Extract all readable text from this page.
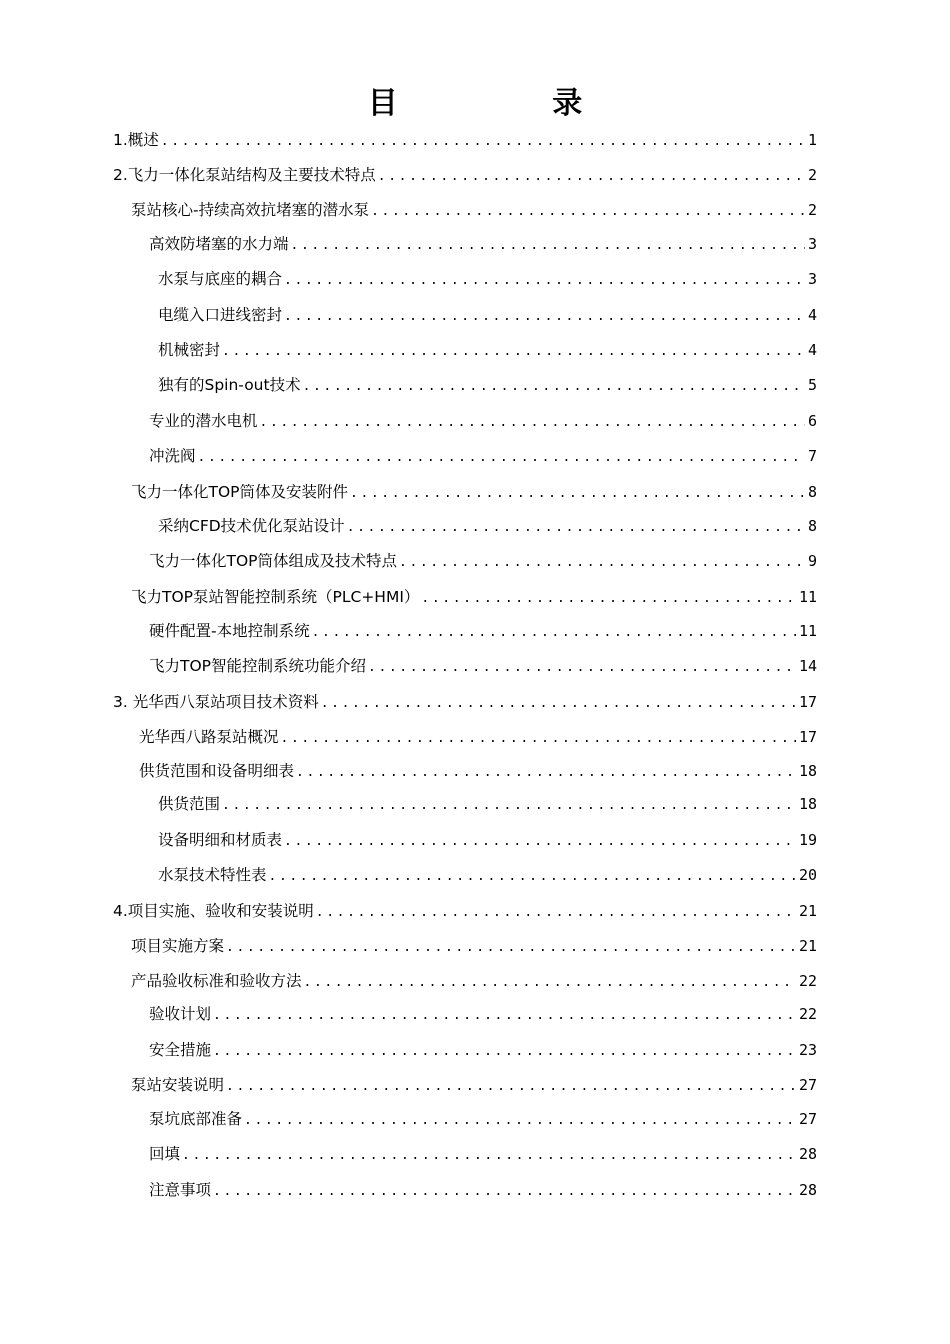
目 录
1.概述 .....	1
2.飞力一体化泵站结构及主要技术特点 .....	2
泵站核心-持续高效抗堵塞的潜水泵 .....	2
高效防堵塞的水力端 .....	3
水泵与底座的耦合 .....	3
电缆入口进线密封 .....	4
机械密封 .....	4
独有的Spin-out技术 .....	5
专业的潜水电机 .....	6
冲洗阀 .....	7
飞力一体化TOP筒体及安装附件 .....	8
采纳CFD技术优化泵站设计 .....	8
飞力一体化TOP筒体组成及技术特点 .....	9
飞力TOP泵站智能控制系统（PLC+HMI） .....	11
硬件配置-本地控制系统 .....	11
飞力TOP智能控制系统功能介绍 .....	14
3. 光华西八泵站项目技术资料 .....	17
光华西八路泵站概况 .....	17
供货范围和设备明细表 .....	18
供货范围 .....	18
设备明细和材质表 .....	19
水泵技术特性表 .....	20
4.项目实施、验收和安装说明 .....	21
项目实施方案 .....	21
产品验收标准和验收方法 .....	22
验收计划 .....	22
安全措施 .....	23
泵站安装说明 .....	27
泵坑底部准备 .....	27
回填 .....	28
注意事项 .....	28
